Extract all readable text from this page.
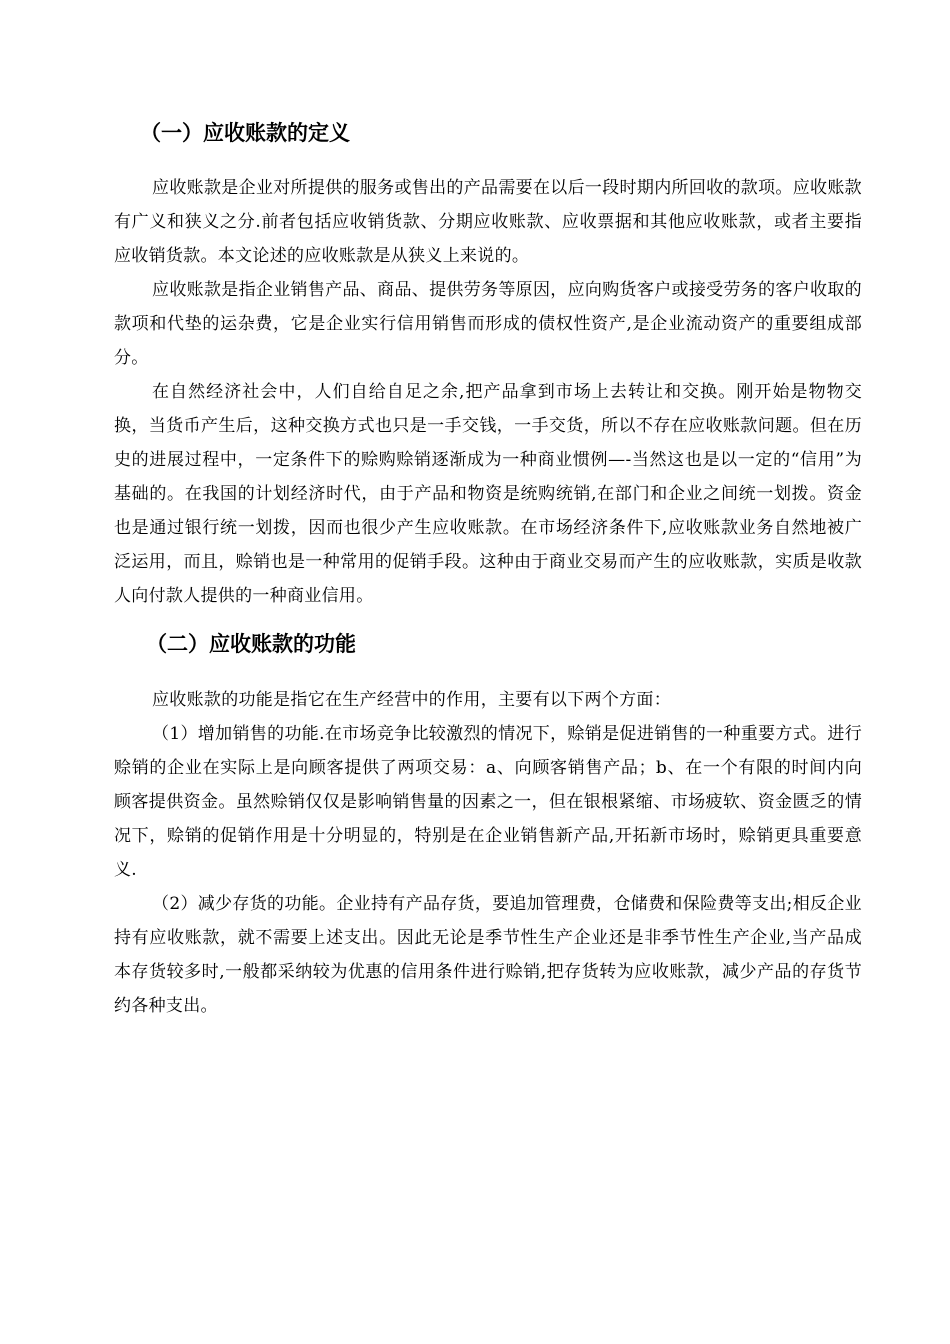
（一）应收账款的定义

应收账款是企业对所提供的服务或售出的产品需要在以后一段时期内所回收的款项。应收账款有广义和狭义之分.前者包括应收销货款、分期应收账款、应收票据和其他应收账款，或者主要指应收销货款。本文论述的应收账款是从狭义上来说的。

应收账款是指企业销售产品、商品、提供劳务等原因，应向购货客户或接受劳务的客户收取的款项和代垫的运杂费，它是企业实行信用销售而形成的债权性资产,是企业流动资产的重要组成部分。

在自然经济社会中，人们自给自足之余,把产品拿到市场上去转让和交换。刚开始是物物交换，当货币产生后，这种交换方式也只是一手交钱，一手交货，所以不存在应收账款问题。但在历史的进展过程中，一定条件下的赊购赊销逐渐成为一种商业惯例—-当然这也是以一定的“信用”为基础的。在我国的计划经济时代，由于产品和物资是统购统销,在部门和企业之间统一划拨。资金也是通过银行统一划拨，因而也很少产生应收账款。在市场经济条件下,应收账款业务自然地被广泛运用，而且，赊销也是一种常用的促销手段。这种由于商业交易而产生的应收账款，实质是收款人向付款人提供的一种商业信用。

（二）应收账款的功能

应收账款的功能是指它在生产经营中的作用，主要有以下两个方面：

（1）增加销售的功能.在市场竞争比较激烈的情况下，赊销是促进销售的一种重要方式。进行赊销的企业在实际上是向顾客提供了两项交易：a、向顾客销售产品；b、在一个有限的时间内向顾客提供资金。虽然赊销仅仅是影响销售量的因素之一，但在银根紧缩、市场疲软、资金匮乏的情况下，赊销的促销作用是十分明显的，特别是在企业销售新产品,开拓新市场时，赊销更具重要意义.

（2）减少存货的功能。企业持有产品存货，要追加管理费，仓储费和保险费等支出;相反企业持有应收账款，就不需要上述支出。因此无论是季节性生产企业还是非季节性生产企业,当产品成本存货较多时,一般都采纳较为优惠的信用条件进行赊销,把存货转为应收账款，减少产品的存货节约各种支出。
